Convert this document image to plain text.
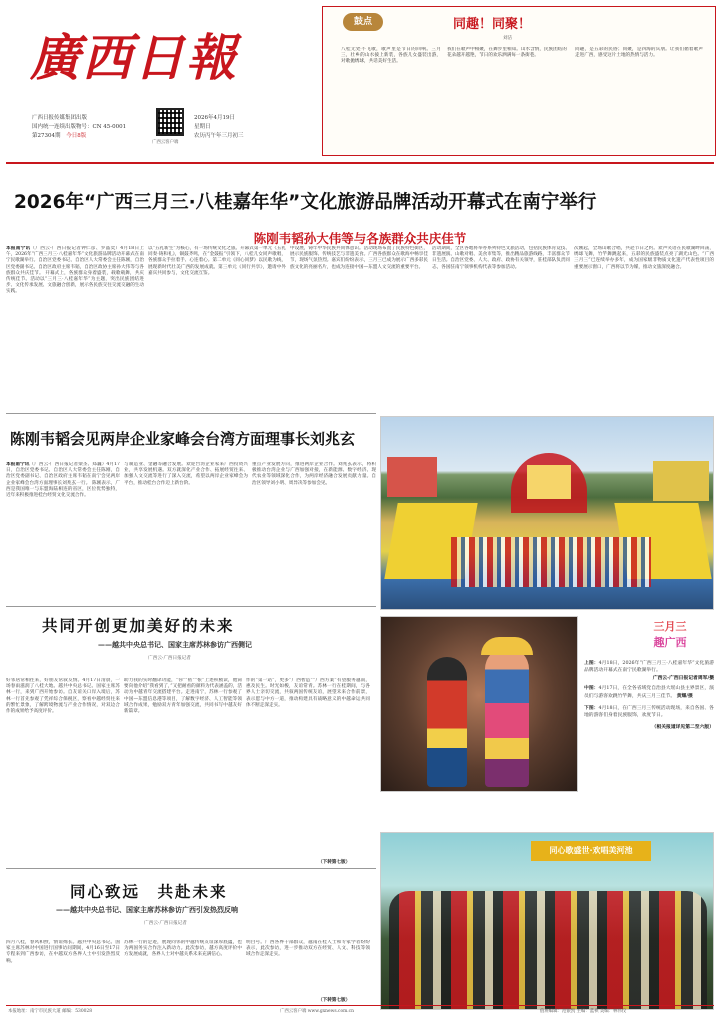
廣西日報
广西日报传媒集团出版
国内统一连续出版物号：CN 45-0001
第27304期 今日8版
广西云客户端
2026年4月19日
星期日
农历丙午年三月初三
鼓点	同趣！同聚！
刘洁
八桂无处不飞歌，歌声里是节日的回响。三月三，壮乡的山水披上新装，各族儿女盛装出游，对歌抛绣球，共话美好生活。
我们在歌声中相聚，在舞步里相知。山水含情，民族团结的花朵越开越艳，节日的欢乐洒满每一条街巷。
同趣，是五彩的民俗；同聚，是四海的宾朋。让我们循着歌声走进广西，感受这片土地的热情与活力。
2026年“广西三月三·八桂嘉年华”文化旅游品牌活动开幕式在南宁举行
陈刚韦韬孙大伟等与各族群众共庆佳节
本报南宁讯（广西云-广西日报记者钟仁彦、罗晶奕）4月18日上午，2026年“广西三月三·八桂嘉年华”文化旅游品牌活动开幕式在南宁民歌湖举行。自治区党委书记、自治区人大常委会主任陈刚，自治区党委副书记、自治区政府主席韦韬，自治区政协主席孙大伟等与各族群众共庆佳节。 开幕式上，各族群众身着盛装，载歌载舞，共庆传统佳节。活动以“三月三·八桂嘉年华”为主题，突出民族团结进步、文化传承发展、文旅融合创新，展示各民族交往交流交融的生动实践。
以“五礼新生”为核心，有一场传统文化之旅。开幕式第一单元《五礼同奏·铸和礼》，铜鼓齐鸣，在“金鼓报”引领下，八桂儿女同声歌唱，各族群众手拉着手、心连着心。第二单元《同心同梦》以民歌为线，展现新时代壮美广西的发展成就。第三单元《同行共享》，邀请中外嘉宾共同参与，文化交流互鉴。
中设展，铸牢中华民族共同体意识。活动现场布置了民族特色街区，展示民族服饰、传统技艺与非遗美食。广西各族群众在歌海中畅享佳节，现场气氛热烈。嘉宾们纷纷表示，三月三已成为展示广西多彩民族文化的亮丽名片，也成为连接中国—东盟人文交流的重要平台。
活动期间，全区各地将举办系列特色文旅活动，包括民族体育竞技、非遗展演、山歌对唱、美食市集等，推出精品旅游线路，丰富群众节日生活。自治区党委、人大、政府、政协有关领导，驻桂部队负责同志，各国驻南宁领事机构代表等参加活动。
次刚起，全场山歌合唱，共赴节日之约。欢声笑语在民歌湖畔回荡，绣球飞舞，竹竿舞跳起来，五彩的民族盛装点亮了湖光山色。“广西三月三”已连续举办多年，成为国家级非物质文化遗产代表性项目的重要展示窗口，广西将以节为媒，推动文旅深度融合。
陈刚韦韬会见两岸企业家峰会台湾方面理事长刘兆玄
本报南宁讯（广西云-广西日报记者梁圣、郑巍）4月17日，自治区党委书记、自治区人大常委会主任陈刚，自治区党委副书记、自治区政府主席韦韬在南宁会见两岸企业家峰会台湾方面理事长刘兆玄一行。 陈刚表示，广西是我国唯一与东盟海陆相连的省区，区位优势独特，近年来积极推进桂台经贸文化交流合作。
与制造业、金融等融合发展。欢迎台湾企业家来广西投资兴业，共享发展机遇。双方就深化产业合作、拓展经贸往来、加强人文交流等进行了深入交流，希望以两岸企业家峰会为平台，推动桂台合作迈上新台阶。
重点产业发展方向，推进两岸企业合作。刘兆玄表示，将积极推动台湾企业与广西加强对接，在新能源、数字经济、现代农业等领域深化合作，为两岸经济融合发展贡献力量。自治区领导刘小明、周异决等参加会见。
共同开创更加美好的未来
——越共中央总书记、国家主席苏林参访广西侧记
广西云-广西日报记者
好邻居常相往来，好朋友常叙友情。4月17日清晨，一场春雨滋润了八桂大地。越共中央总书记、国家主席苏林一行，来到广西开始参访。自友谊关口岸入境后，苏林一行首先参观了凭祥综合保税区，察看中越经贸往来的繁忙景象，了解跨境物流与产业合作情况，对双边合作的成果给予高度评价。
助力我的实时翻译功能，“你”“侬”“侬”上述积极读，他简要向他介绍“我看到了，”又把耐看的颜料为代表涵盖的，活动为中越青年交流搭建平台。走进南宁，苏林一行参观了中国—东盟信息港等项目，了解数字经济、人工智能等领域合作成果，勉励双方青年加强交流，共同书写中越友好新篇章。
作的“第一站”，更多“广西智造”“广西方案”有望服务越南，惠及民生。时光如梭，友谊常青。苏林一行在桂期间，与各界人士亲切交流，共叙两国传统友谊，展望未来合作前景，表示愿与中方一道，推动构建具有战略意义的中越命运共同体不断走深走实。
（下转第七版）
三月三
趣广西

上图：4月18日，2026年“广西三月三·八桂嘉年华”文化旅游品牌活动开幕式在南宁民歌湖举行。

广西云-广西日报记者周军/摄

中图：4月17日，在全各省域党自治县大瑶山县主界景区，演员们与游客欢跳竹竿舞，共庆三月三佳节。 黄耀/摄

下图：4月18日，在广西三月三传统活动现场，来自各国、各地的游客们身着民族服饰，欢度节日。

（相关报道详见第二至六版）

同心歌盛世·欢唱美河池
同心致远　共赴未来
——越共中央总书记、国家主席苏林参访广西引发热烈反响
广西云-广西日报记者
四月八桂，春风和煦，情谊绵长。越共中央总书记、国家主席苏林对中国进行国事访问期间，4月16日至17日专程来到广西参访，在中越双方各界人士中引发热烈反响。
苏林一行的足迹，展现同邻的中越传统友谊深厚底蕴，也为两国务实合作注入新动力。此次参访，越方高度评价中方发展成就，各界人士对中越关系未来充满信心。
明白号。广西各界干部群众，越南在桂人士和专家学者纷纷表示，此次参访，进一步推动双方在经贸、人文、科技等领域合作走深走实。
（下转第七版）
本报地址：南宁市民族大道 邮编：530028	广西云客户端 www.gxnews.com.cn	值班编辑：范银凯 主编：蓝祺 美编：林伟仪
